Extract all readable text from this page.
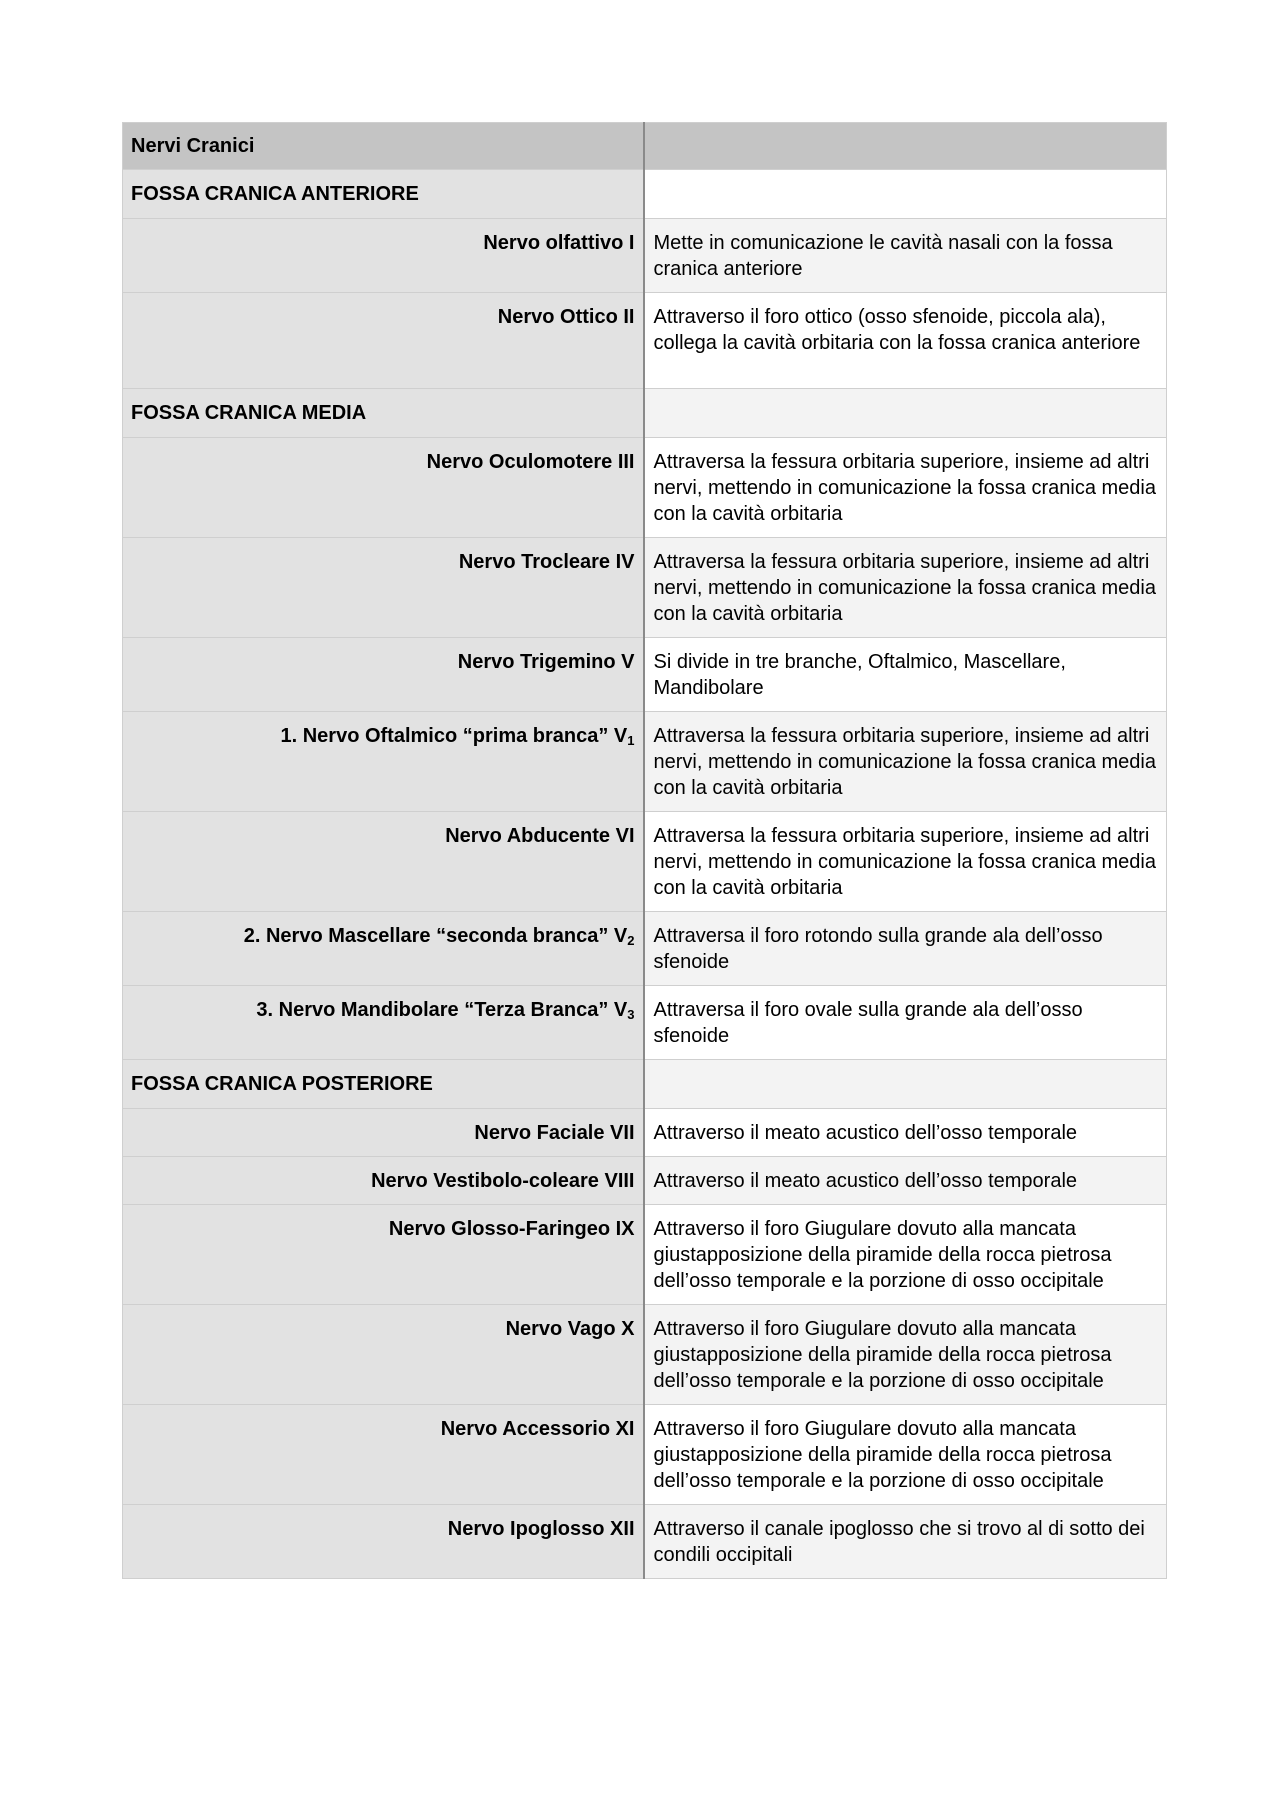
Nervi Cranici	
FOSSA CRANICA ANTERIORE	
Nervo olfattivo I	Mette in comunicazione le cavità nasali con la fossa cranica anteriore
Nervo Ottico II	Attraverso il foro ottico (osso sfenoide, piccola ala), collega la cavità orbitaria con la fossa cranica anteriore
FOSSA CRANICA MEDIA	
Nervo Oculomotere III	Attraversa la fessura orbitaria superiore, insieme ad altri nervi, mettendo in comunicazione la fossa cranica media con la cavità orbitaria
Nervo Trocleare IV	Attraversa la fessura orbitaria superiore, insieme ad altri nervi, mettendo in comunicazione la fossa cranica media con la cavità orbitaria
Nervo Trigemino V	Si divide in tre branche, Oftalmico, Mascellare, Mandibolare
1. Nervo Oftalmico “prima branca” $V_1$	Attraversa la fessura orbitaria superiore, insieme ad altri nervi, mettendo in comunicazione la fossa cranica media con la cavità orbitaria
Nervo Abducente VI	Attraversa la fessura orbitaria superiore, insieme ad altri nervi, mettendo in comunicazione la fossa cranica media con la cavità orbitaria
2. Nervo Mascellare “seconda branca” $V_2$	Attraversa il foro rotondo sulla grande ala dell’osso sfenoide
3. Nervo Mandibolare “Terza Branca” $V_3$	Attraversa il foro ovale sulla grande ala dell’osso sfenoide
FOSSA CRANICA POSTERIORE	
Nervo Faciale VII	Attraverso il meato acustico dell’osso temporale
Nervo Vestibolo-coleare VIII	Attraverso il meato acustico dell’osso temporale
Nervo Glosso-Faringeo IX	Attraverso il foro Giugulare dovuto alla mancata giustapposizione della piramide della rocca pietrosa dell’osso temporale e la porzione di osso occipitale
Nervo Vago X	Attraverso il foro Giugulare dovuto alla mancata giustapposizione della piramide della rocca pietrosa dell’osso temporale e la porzione di osso occipitale
Nervo Accessorio XI	Attraverso il foro Giugulare dovuto alla mancata giustapposizione della piramide della rocca pietrosa dell’osso temporale e la porzione di osso occipitale
Nervo Ipoglosso XII	Attraverso il canale ipoglosso che si trovo al di sotto dei condili occipitali
